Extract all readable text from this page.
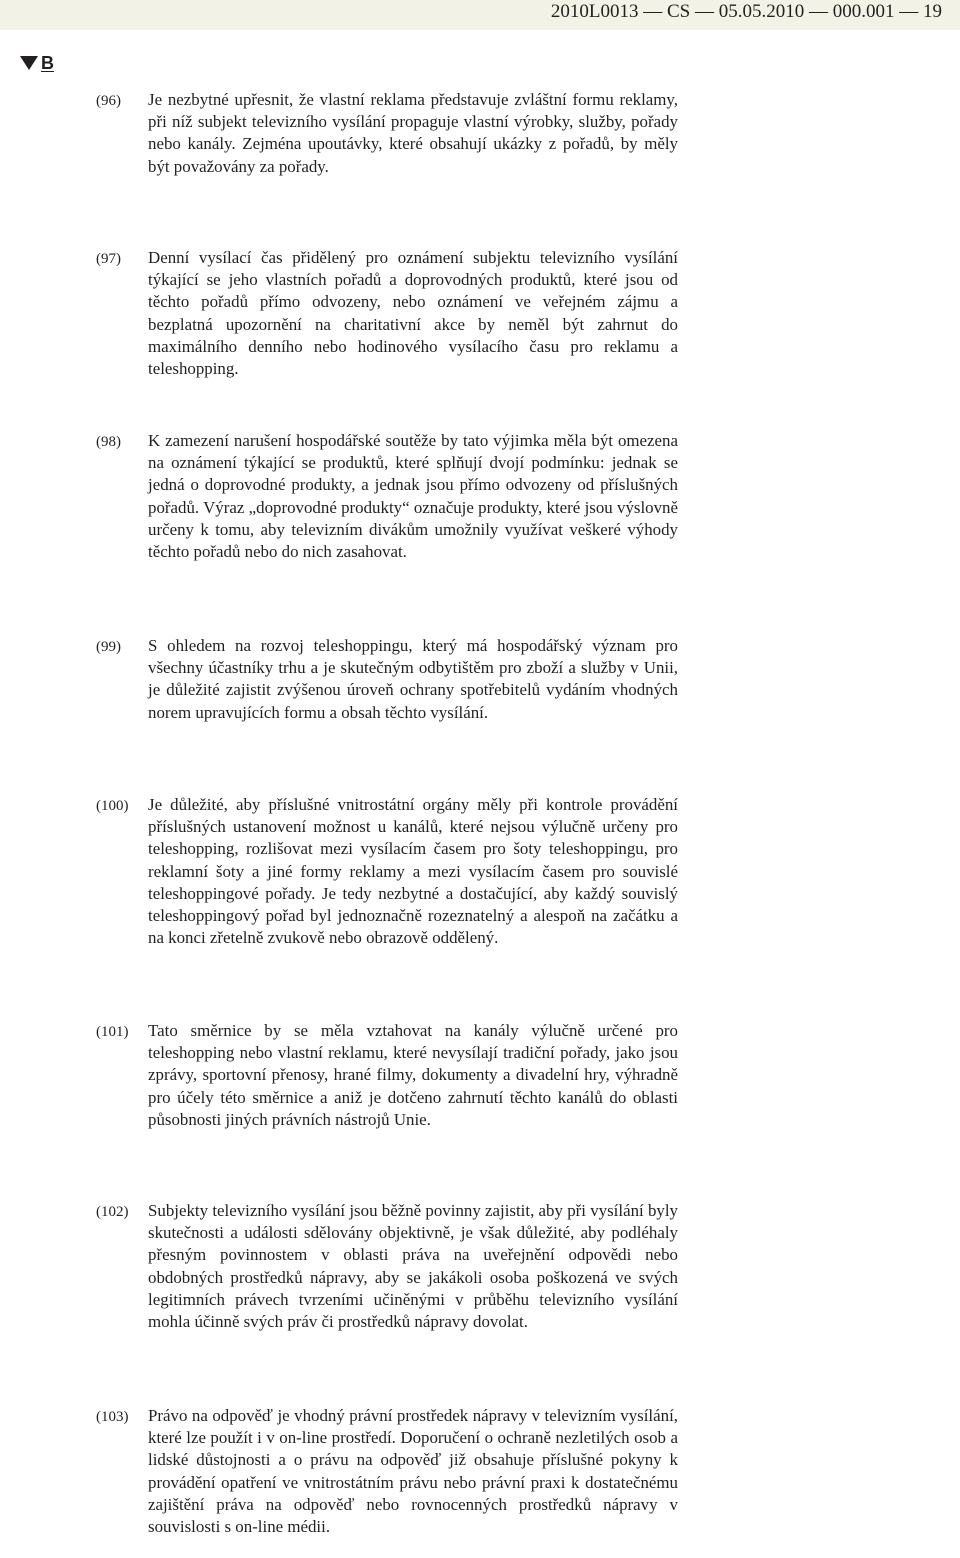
2010L0013 — CS — 05.05.2010 — 000.001 — 19
B
(96) Je nezbytné upřesnit, že vlastní reklama představuje zvláštní formu reklamy, při níž subjekt televizního vysílání propaguje vlastní výrobky, služby, pořady nebo kanály. Zejména upoutávky, které obsahují ukázky z pořadů, by měly být považovány za pořady.
(97) Denní vysílací čas přidělený pro oznámení subjektu televizního vysílání týkající se jeho vlastních pořadů a doprovodných produktů, které jsou od těchto pořadů přímo odvozeny, nebo oznámení ve veřejném zájmu a bezplatná upozornění na charitativní akce by neměl být zahrnut do maximálního denního nebo hodinového vysílacího času pro reklamu a teleshopping.
(98) K zamezení narušení hospodářské soutěže by tato výjimka měla být omezena na oznámení týkající se produktů, které splňují dvojí podmínku: jednak se jedná o doprovodné produkty, a jednak jsou přímo odvozeny od příslušných pořadů. Výraz „doprovodné produkty“ označuje produkty, které jsou výslovně určeny k tomu, aby televizním divákům umožnily využívat veškeré výhody těchto pořadů nebo do nich zasahovat.
(99) S ohledem na rozvoj teleshoppingu, který má hospodářský význam pro všechny účastníky trhu a je skutečným odbytištěm pro zboží a služby v Unii, je důležité zajistit zvýšenou úroveň ochrany spotřebitelů vydáním vhodných norem upravujících formu a obsah těchto vysílání.
(100) Je důležité, aby příslušné vnitrostátní orgány měly při kontrole provádění příslušných ustanovení možnost u kanálů, které nejsou výlučně určeny pro teleshopping, rozlišovat mezi vysílacím časem pro šoty teleshoppingu, pro reklamní šoty a jiné formy reklamy a mezi vysílacím časem pro souvislé teleshoppingové pořady. Je tedy nezbytné a dostačující, aby každý souvislý teleshoppingový pořad byl jednoznačně rozeznatelný a alespoň na začátku a na konci zřetelně zvukově nebo obrazově oddělený.
(101) Tato směrnice by se měla vztahovat na kanály výlučně určené pro teleshopping nebo vlastní reklamu, které nevysílají tradiční pořady, jako jsou zprávy, sportovní přenosy, hrané filmy, dokumenty a divadelní hry, výhradně pro účely této směrnice a aniž je dotčeno zahrnutí těchto kanálů do oblasti působnosti jiných právních nástrojů Unie.
(102) Subjekty televizního vysílání jsou běžně povinny zajistit, aby při vysílání byly skutečnosti a události sdělovány objektivně, je však důležité, aby podléhaly přesným povinnostem v oblasti práva na uveřejnění odpovědi nebo obdobných prostředků nápravy, aby se jakákoli osoba poškozená ve svých legitimních právech tvrzeními učiněnými v průběhu televizního vysílání mohla účinně svých práv či prostředků nápravy dovolat.
(103) Právo na odpověď je vhodný právní prostředek nápravy v televizním vysílání, které lze použít i v on-line prostředí. Doporučení o ochraně nezletilých osob a lidské důstojnosti a o právu na odpověď již obsahuje příslušné pokyny k provádění opatření ve vnitrostátním právu nebo právní praxi k dostatečnému zajištění práva na odpověď nebo rovnocenných prostředků nápravy v souvislosti s on-line médii.
